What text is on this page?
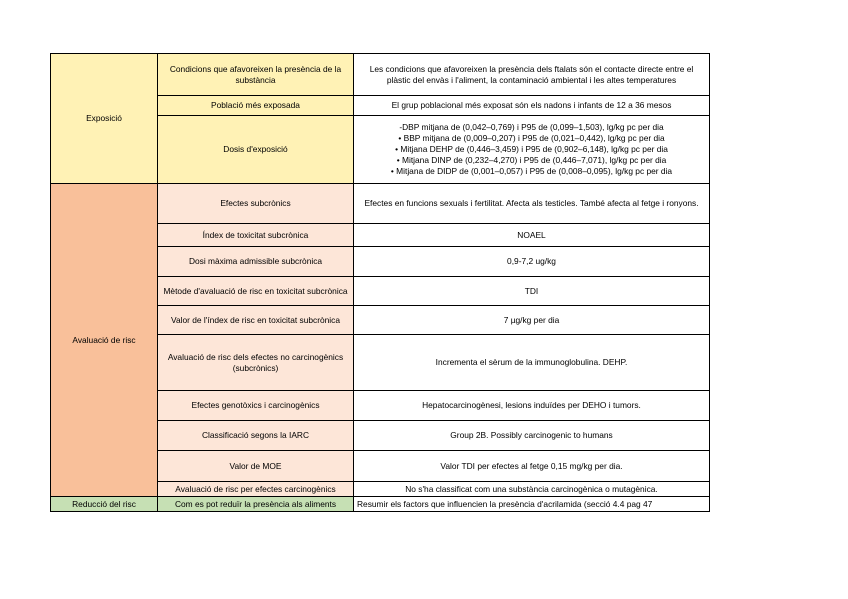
Exposició	Condicions que afavoreixen la presència de la substància	Les condicions que afavoreixen la presència dels ftalats són el contacte directe entre el plàstic del envàs i l'aliment, la contaminació ambiental i les altes temperatures
	Població més exposada	El grup poblacional més exposat són els nadons i infants de 12 a 36 mesos
	Dosis d'exposició	-DBP mitjana de (0,042–0,769) i P95 de (0,099–1,503), lg/kg pc per dia
• BBP mitjana de (0,009–0,207) i P95 de (0,021–0,442), lg/kg pc per dia
• Mitjana DEHP de (0,446–3,459) i P95 de (0,902–6,148), lg/kg pc per dia
• Mitjana DINP de (0,232–4,270) i P95 de (0,446–7,071), lg/kg pc per dia
• Mitjana de DIDP de (0,001–0,057) i P95 de (0,008–0,095), lg/kg pc per dia

Avaluació de risc	Efectes subcrònics	Efectes en funcions sexuals i fertilitat. Afecta als testicles. També afecta al fetge i ronyons.
	Índex de toxicitat subcrònica	NOAEL
	Dosi màxima admissible subcrònica	0,9-7,2 ug/kg
	Mètode d'avaluació de risc en toxicitat subcrònica	TDI
	Valor de l'índex de risc en toxicitat subcrònica	7 µg/kg per dia
	Avaluació de risc dels efectes no carcinogènics (subcrònics)	Incrementa el sèrum de la immunoglobulina. DEHP.
	Efectes genotòxics i carcinogènics	Hepatocarcinogènesi, lesions induïdes per DEHO i tumors.
	Classificació segons la IARC	Group 2B. Possibly carcinogenic to humans
	Valor de MOE	Valor TDI per efectes al fetge 0,15 mg/kg per dia.
	Avaluació de risc per efectes carcinogènics	No s'ha classificat com una substància carcinogènica o mutagènica.
Reducció del risc	Com es pot reduïr la presència als aliments	Resumir els factors que influencien la presència d'acrilamida (secció 4.4 pag 47
